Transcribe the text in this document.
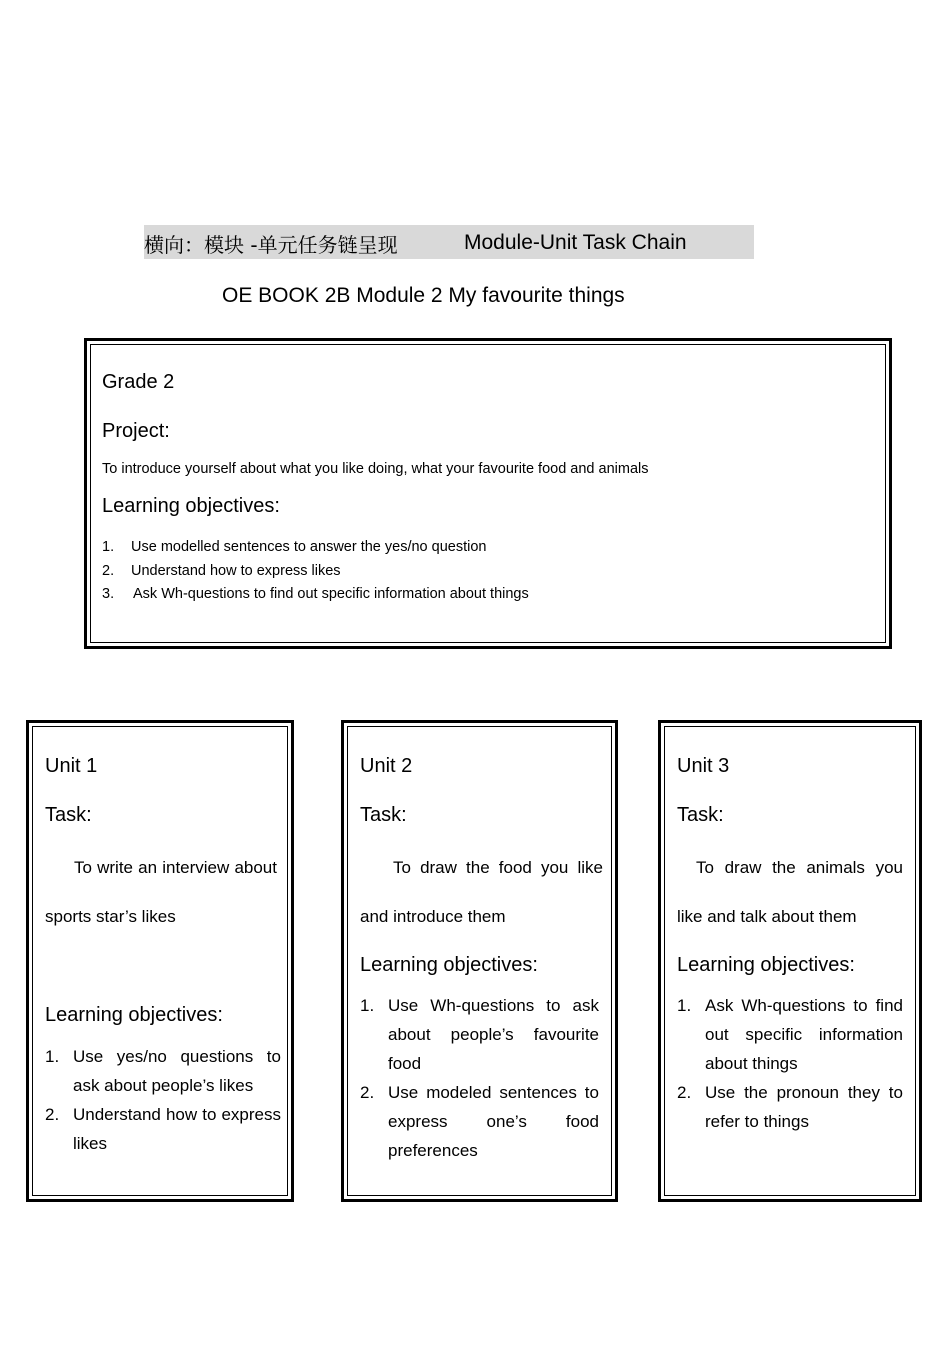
横向：模块 -单元任务链呈现	Module-Unit Task Chain
OE BOOK 2B Module 2 My favourite things
Grade 2
Project:
To introduce yourself about what you like doing, what your favourite food and animals
Learning objectives:
1. Use modelled sentences to answer the yes/no question
2. Understand how to express likes
3. Ask Wh-questions to find out specific information about things
Unit 1
Task:
To write an interview about sports star’s likes
Learning objectives:
1. Use yes/no questions to ask about people’s likes
2. Understand how to express likes
Unit 2
Task:
To draw the food you like and introduce them
Learning objectives:
1. Use Wh-questions to ask about people’s favourite food
2. Use modeled sentences to express one’s food preferences
Unit 3
Task:
To draw the animals you like and talk about them
Learning objectives:
1. Ask Wh-questions to find out specific information about things
2. Use the pronoun they to refer to things
